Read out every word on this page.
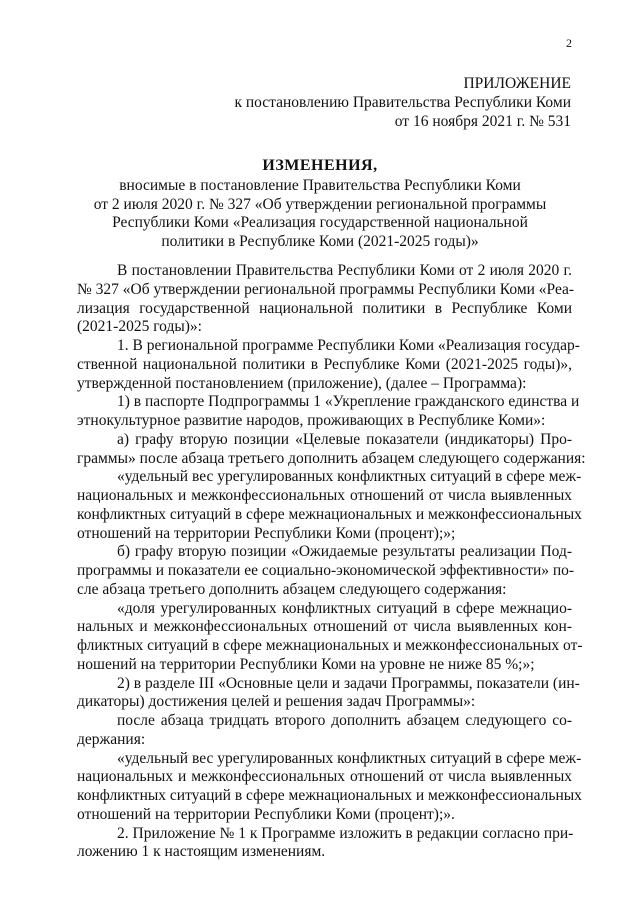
2
ПРИЛОЖЕНИЕ
к постановлению Правительства Республики Коми
от 16 ноября 2021 г. № 531
ИЗМЕНЕНИЯ,
вносимые в постановление Правительства Республики Коми
от 2 июля 2020 г. № 327 «Об утверждении региональной программы
Республики Коми «Реализация государственной национальной
политики в Республике Коми (2021-2025 годы)»
В постановлении Правительства Республики Коми от 2 июля 2020 г.
№ 327 «Об утверждении региональной программы Республики Коми «Реа-
лизация государственной национальной политики в Республике Коми
(2021-2025 годы)»:
1. В региональной программе Республики Коми «Реализация государ-
ственной национальной политики в Республике Коми (2021-2025 годы)»,
утвержденной постановлением (приложение), (далее – Программа):
1) в паспорте Подпрограммы 1 «Укрепление гражданского единства и
этнокультурное развитие народов, проживающих в Республике Коми»:
а) графу вторую позиции «Целевые показатели (индикаторы) Про-
граммы» после абзаца третьего дополнить абзацем следующего содержания:
«удельный вес урегулированных конфликтных ситуаций в сфере меж-
национальных и межконфессиональных отношений от числа выявленных
конфликтных ситуаций в сфере межнациональных и межконфессиональных
отношений на территории Республики Коми (процент);»;
б) графу вторую позиции «Ожидаемые результаты реализации Под-
программы и показатели ее социально-экономической эффективности» по-
сле абзаца третьего дополнить абзацем следующего содержания:
«доля урегулированных конфликтных ситуаций в сфере межнацио-
нальных и межконфессиональных отношений от числа выявленных кон-
фликтных ситуаций в сфере межнациональных и межконфессиональных от-
ношений на территории Республики Коми на уровне не ниже 85 %;»;
2) в разделе III «Основные цели и задачи Программы, показатели (ин-
дикаторы) достижения целей и решения задач Программы»:
после абзаца тридцать второго дополнить абзацем следующего со-
держания:
«удельный вес урегулированных конфликтных ситуаций в сфере меж-
национальных и межконфессиональных отношений от числа выявленных
конфликтных ситуаций в сфере межнациональных и межконфессиональных
отношений на территории Республики Коми (процент);».
2. Приложение № 1 к Программе изложить в редакции согласно при-
ложению 1 к настоящим изменениям.
